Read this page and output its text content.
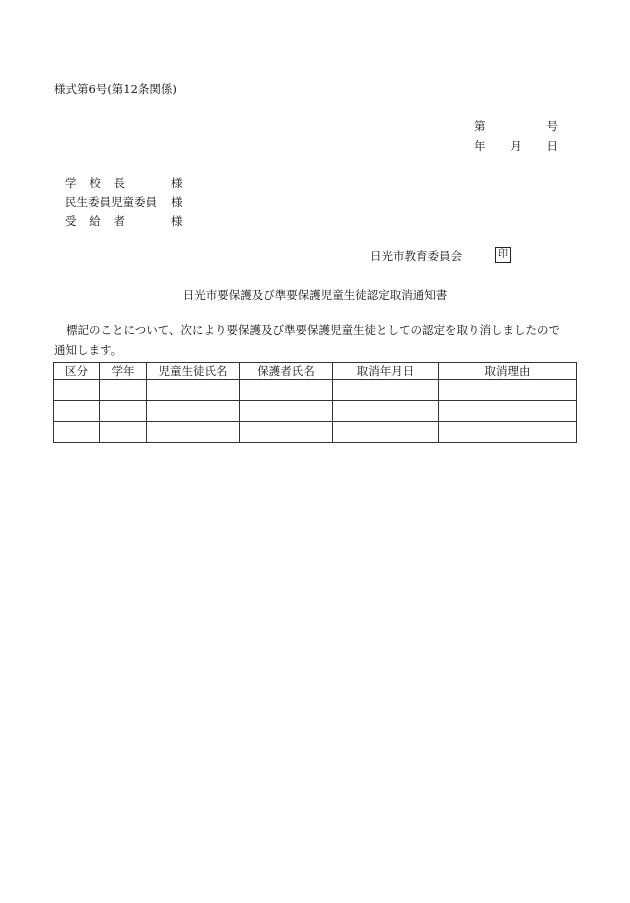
様式第6号(第12条関係)
第	号
年 月 日
学 校 長	様
民生委員児童委員	様
受 給 者	様
日光市教育委員会	印
日光市要保護及び準要保護児童生徒認定取消通知書
標記のことについて、次により要保護及び準要保護児童生徒としての認定を取り消しましたので
通知します。
区分	学年	児童生徒氏名	保護者氏名	取消年月日	取消理由
